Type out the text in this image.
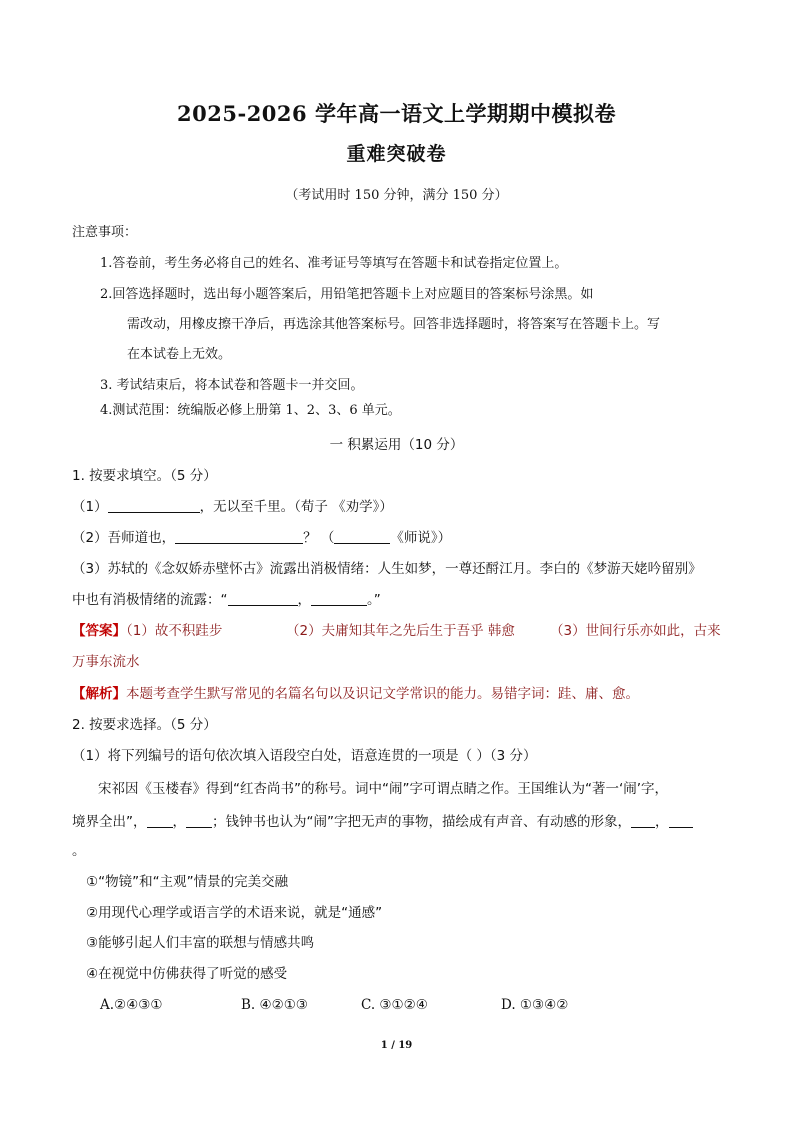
2025-2026 学年高一语文上学期期中模拟卷
重难突破卷
（考试用时 150 分钟，满分 150 分）
注意事项：
1.答卷前，考生务必将自己的姓名、准考证号等填写在答题卡和试卷指定位置上。
2.回答选择题时，选出每小题答案后，用铅笔把答题卡上对应题目的答案标号涂黑。如
需改动，用橡皮擦干净后，再选涂其他答案标号。回答非选择题时，将答案写在答题卡上。写
在本试卷上无效。
3. 考试结束后，将本试卷和答题卡一并交回。
4.测试范围：统编版必修上册第 1、2、3、6 单元。
一 积累运用（10 分）
1. 按要求填空。（5 分）
（1）	，无以至千里。（荀子 《劝学》）
（2）吾师道也，	？ （	《师说》）
（3）苏轼的《念奴娇赤壁怀古》流露出消极情绪：人生如梦，一尊还酹江月。李白的《梦游天姥吟留别》
中也有消极情绪的流露：“	，	。”
【答案】（1）故不积跬步	（2）夫庸知其年之先后生于吾乎 韩愈	（3）世间行乐亦如此，古来
万事东流水
【解析】本题考查学生默写常见的名篇名句以及识记文学常识的能力。易错字词：跬、庸、愈。
2. 按要求选择。（5 分）
（1）将下列编号的语句依次填入语段空白处，语意连贯的一项是（ ）（3 分）
宋祁因《玉楼春》得到“红杏尚书”的称号。词中“闹”字可谓点睛之作。王国维认为“著一‘闹’字，
境界全出”， ， ；钱钟书也认为“闹”字把无声的事物，描绘成有声音、有动感的形象， ，
。
①“物镜”和“主观”情景的完美交融
②用现代心理学或语言学的术语来说，就是“通感”
③能够引起人们丰富的联想与情感共鸣
④在视觉中仿佛获得了听觉的感受
A.②④③①	B. ④②①③	C. ③①②④	D. ①③④②
1 / 19
